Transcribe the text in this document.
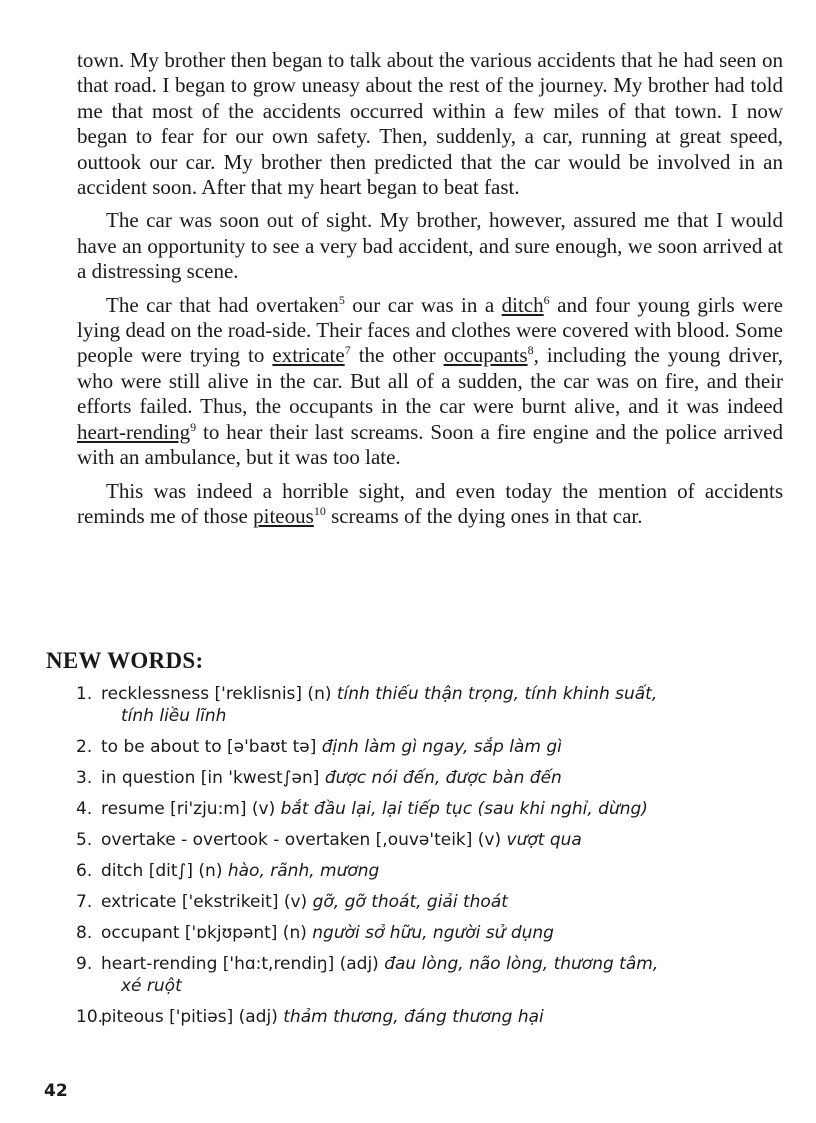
town. My brother then began to talk about the various accidents that he had seen on that road. I began to grow uneasy about the rest of the journey. My brother had told me that most of the accidents occurred within a few miles of that town. I now began to fear for our own safety. Then, suddenly, a car, running at great speed, outtook our car. My brother then predicted that the car would be involved in an accident soon. After that my heart began to beat fast.

The car was soon out of sight. My brother, however, assured me that I would have an opportunity to see a very bad accident, and sure enough, we soon arrived at a distressing scene.

The car that had overtaken$^5$ our car was in a ditch$^6$ and four young girls were lying dead on the road-side. Their faces and clothes were covered with blood. Some people were trying to extricate$^7$ the other occupants$^8$, including the young driver, who were still alive in the car. But all of a sudden, the car was on fire, and their efforts failed. Thus, the occupants in the car were burnt alive, and it was indeed heart-rending$^9$ to hear their last screams. Soon a fire engine and the police arrived with an ambulance, but it was too late.

This was indeed a horrible sight, and even today the mention of accidents reminds me of those piteous$^{10}$ screams of the dying ones in that car.

NEW WORDS:
1. recklessness ['reklisnis] (n) tính thiếu thận trọng, tính khinh suất,
tính liều lĩnh
2. to be about to [ə'baʊt tə] định làm gì ngay, sắp làm gì
3. in question [in 'kwest∫ən] được nói đến, được bàn đến
4. resume [ri'zju:m] (v) bắt đầu lại, lại tiếp tục (sau khi nghỉ, dừng)
5. overtake - overtook - overtaken [,ouvə'teik] (v) vượt qua
6. ditch [dit∫] (n) hào, rãnh, mương
7. extricate ['ekstrikeit] (v) gỡ, gỡ thoát, giải thoát
8. occupant ['ɒkjʊpənt] (n) người sở hữu, người sử dụng
9. heart-rending ['hɑ:t,rendiŋ] (adj) đau lòng, não lòng, thương tâm,
xé ruột
10.piteous ['pitiəs] (adj) thảm thương, đáng thương hại
42
